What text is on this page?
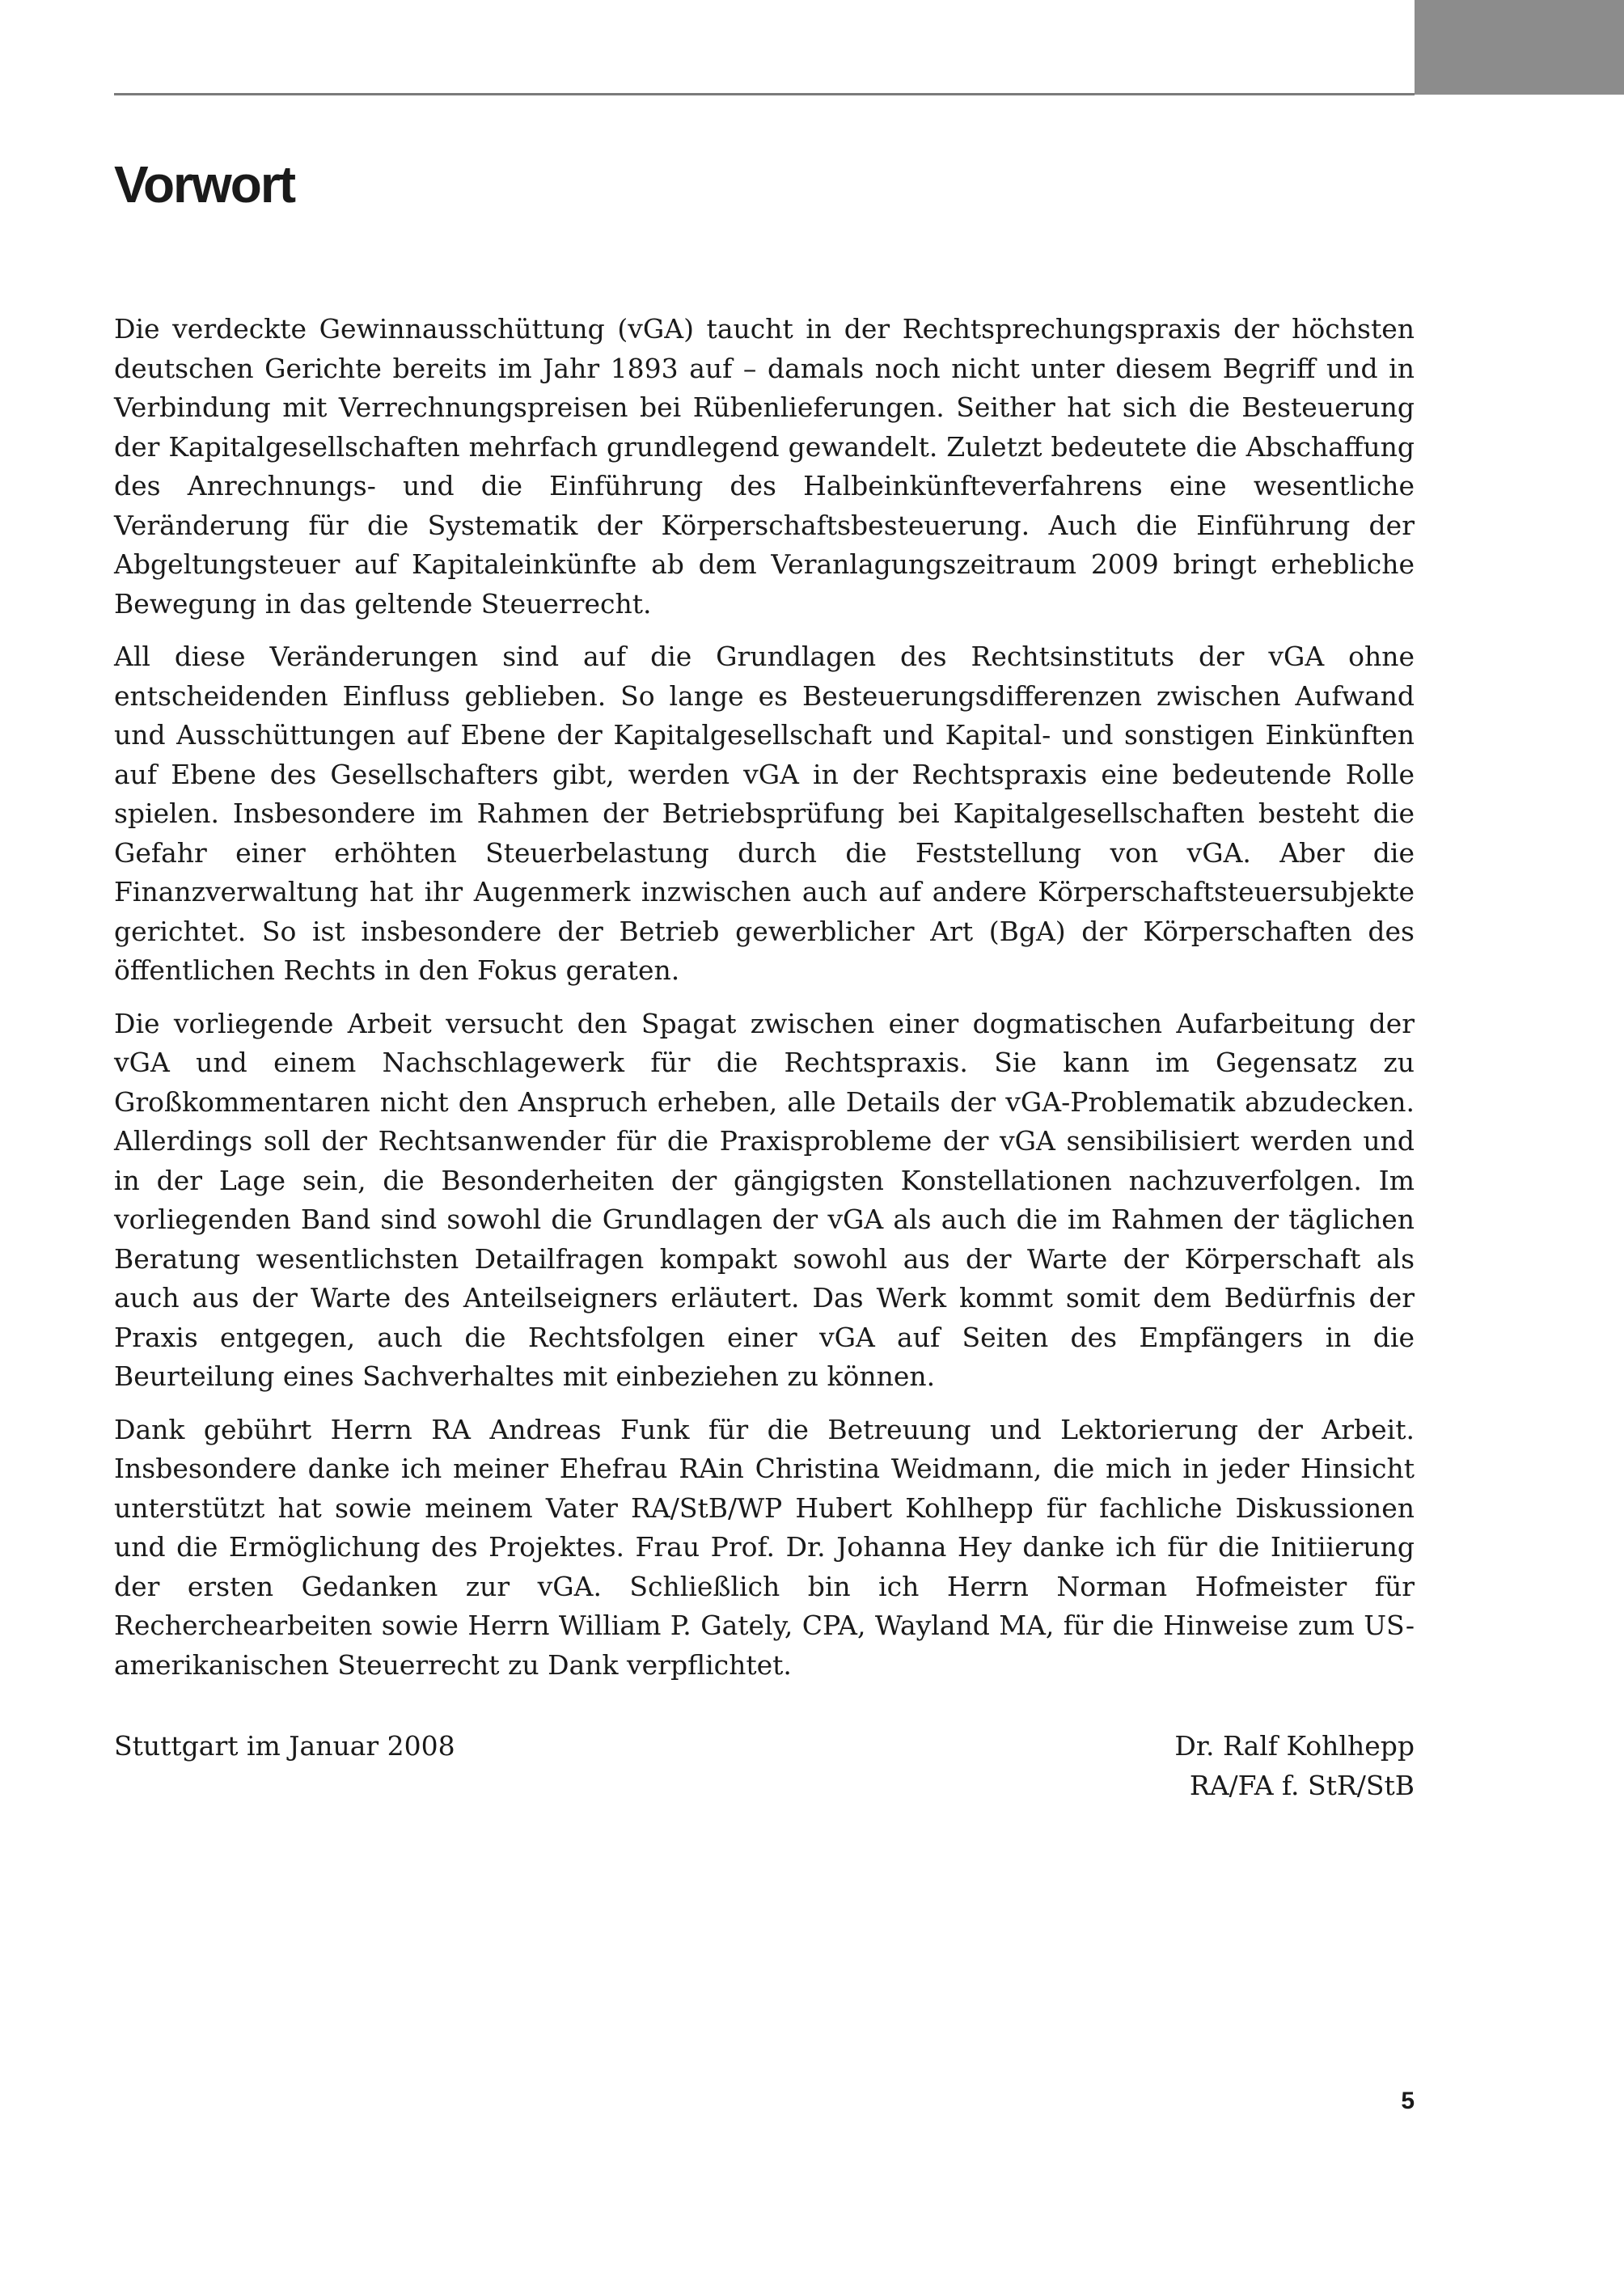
Vorwort

Die verdeckte Gewinnausschüttung (vGA) taucht in der Rechtsprechungspraxis der höchsten deutschen Gerichte bereits im Jahr 1893 auf – damals noch nicht unter diesem Begriff und in Verbindung mit Verrechnungspreisen bei Rübenlieferungen. Seither hat sich die Besteuerung der Kapitalgesellschaften mehrfach grundlegend gewandelt. Zuletzt bedeutete die Abschaffung des Anrechnungs- und die Einführung des Halbeinkünfteverfahrens eine wesentliche Veränderung für die Systematik der Körperschaftsbesteuerung. Auch die Einführung der Abgeltungsteuer auf Kapitaleinkünfte ab dem Veranlagungszeitraum 2009 bringt erhebliche Bewegung in das geltende Steuerrecht.

All diese Veränderungen sind auf die Grundlagen des Rechtsinstituts der vGA ohne entscheidenden Einfluss geblieben. So lange es Besteuerungsdifferenzen zwischen Aufwand und Ausschüttungen auf Ebene der Kapitalgesellschaft und Kapital- und sonstigen Einkünften auf Ebene des Gesellschafters gibt, werden vGA in der Rechtspraxis eine bedeutende Rolle spielen. Insbesondere im Rahmen der Betriebsprüfung bei Kapitalgesellschaften besteht die Gefahr einer erhöhten Steuerbelastung durch die Feststellung von vGA. Aber die Finanzverwaltung hat ihr Augenmerk inzwischen auch auf andere Körperschaftsteuersubjekte gerichtet. So ist insbesondere der Betrieb gewerblicher Art (BgA) der Körperschaften des öffentlichen Rechts in den Fokus geraten.

Die vorliegende Arbeit versucht den Spagat zwischen einer dogmatischen Aufarbeitung der vGA und einem Nachschlagewerk für die Rechtspraxis. Sie kann im Gegensatz zu Großkommentaren nicht den Anspruch erheben, alle Details der vGA-Problematik abzudecken. Allerdings soll der Rechtsanwender für die Praxisprobleme der vGA sensibilisiert werden und in der Lage sein, die Besonderheiten der gängigsten Konstellationen nachzuverfolgen. Im vorliegenden Band sind sowohl die Grundlagen der vGA als auch die im Rahmen der täglichen Beratung wesentlichsten Detailfragen kompakt sowohl aus der Warte der Körperschaft als auch aus der Warte des Anteilseigners erläutert. Das Werk kommt somit dem Bedürfnis der Praxis entgegen, auch die Rechtsfolgen einer vGA auf Seiten des Empfängers in die Beurteilung eines Sachverhaltes mit einbeziehen zu können.

Dank gebührt Herrn RA Andreas Funk für die Betreuung und Lektorierung der Arbeit. Insbesondere danke ich meiner Ehefrau RAin Christina Weidmann, die mich in jeder Hinsicht unterstützt hat sowie meinem Vater RA/StB/WP Hubert Kohlhepp für fachliche Diskussionen und die Ermöglichung des Projektes. Frau Prof. Dr. Johanna Hey danke ich für die Initiierung der ersten Gedanken zur vGA. Schließlich bin ich Herrn Norman Hofmeister für Recherchearbeiten sowie Herrn William P. Gately, CPA, Wayland MA, für die Hinweise zum US-amerikanischen Steuerrecht zu Dank verpflichtet.

Stuttgart im Januar 2008	Dr. Ralf Kohlhepp
RA/FA f. StR/StB
5
